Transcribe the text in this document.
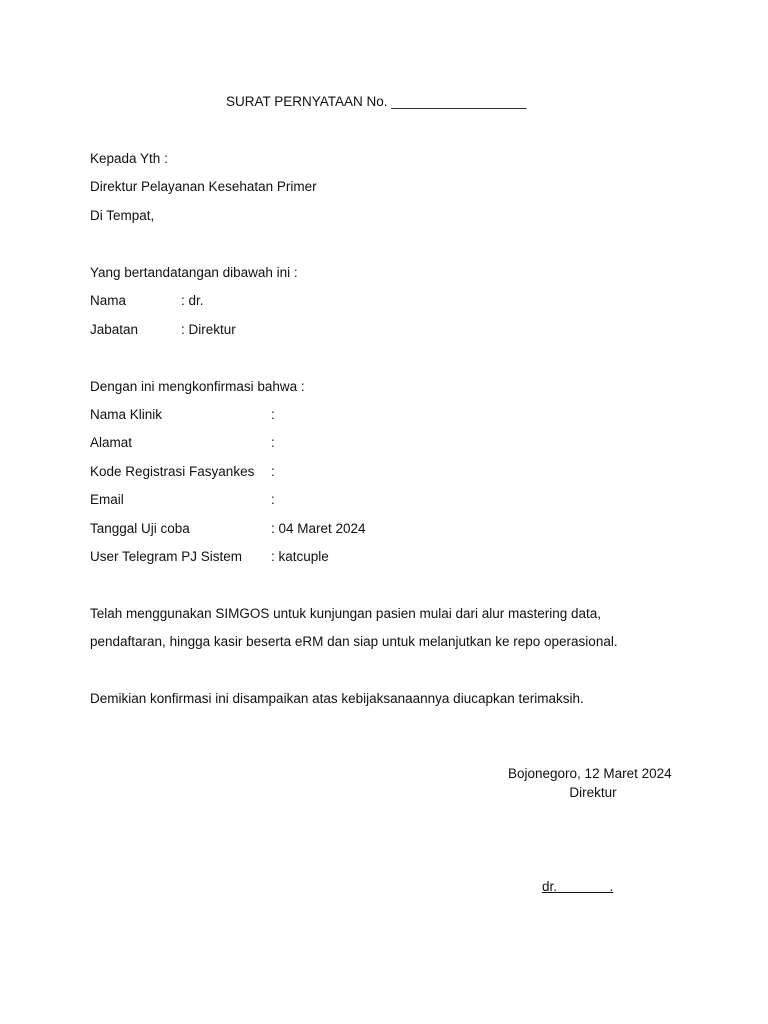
SURAT PERNYATAAN No. __________________
Kepada Yth :
Direktur Pelayanan Kesehatan Primer
Di Tempat,
Yang bertandatangan dibawah ini :
Nama	: dr.
Jabatan	: Direktur
Dengan ini mengkonfirmasi bahwa :
Nama Klinik	:
Alamat	:
Kode Registrasi Fasyankes :
Email	:
Tanggal Uji coba	: 04 Maret 2024
User Telegram PJ Sistem : katcuple
Telah menggunakan SIMGOS untuk kunjungan pasien mulai dari alur mastering data,
pendaftaran, hingga kasir beserta eRM dan siap untuk melanjutkan ke repo operasional.
Demikian konfirmasi ini disampaikan atas kebijaksanaannya diucapkan terimaksih.
Bojonegoro, 12 Maret 2024
Direktur
dr.              .
